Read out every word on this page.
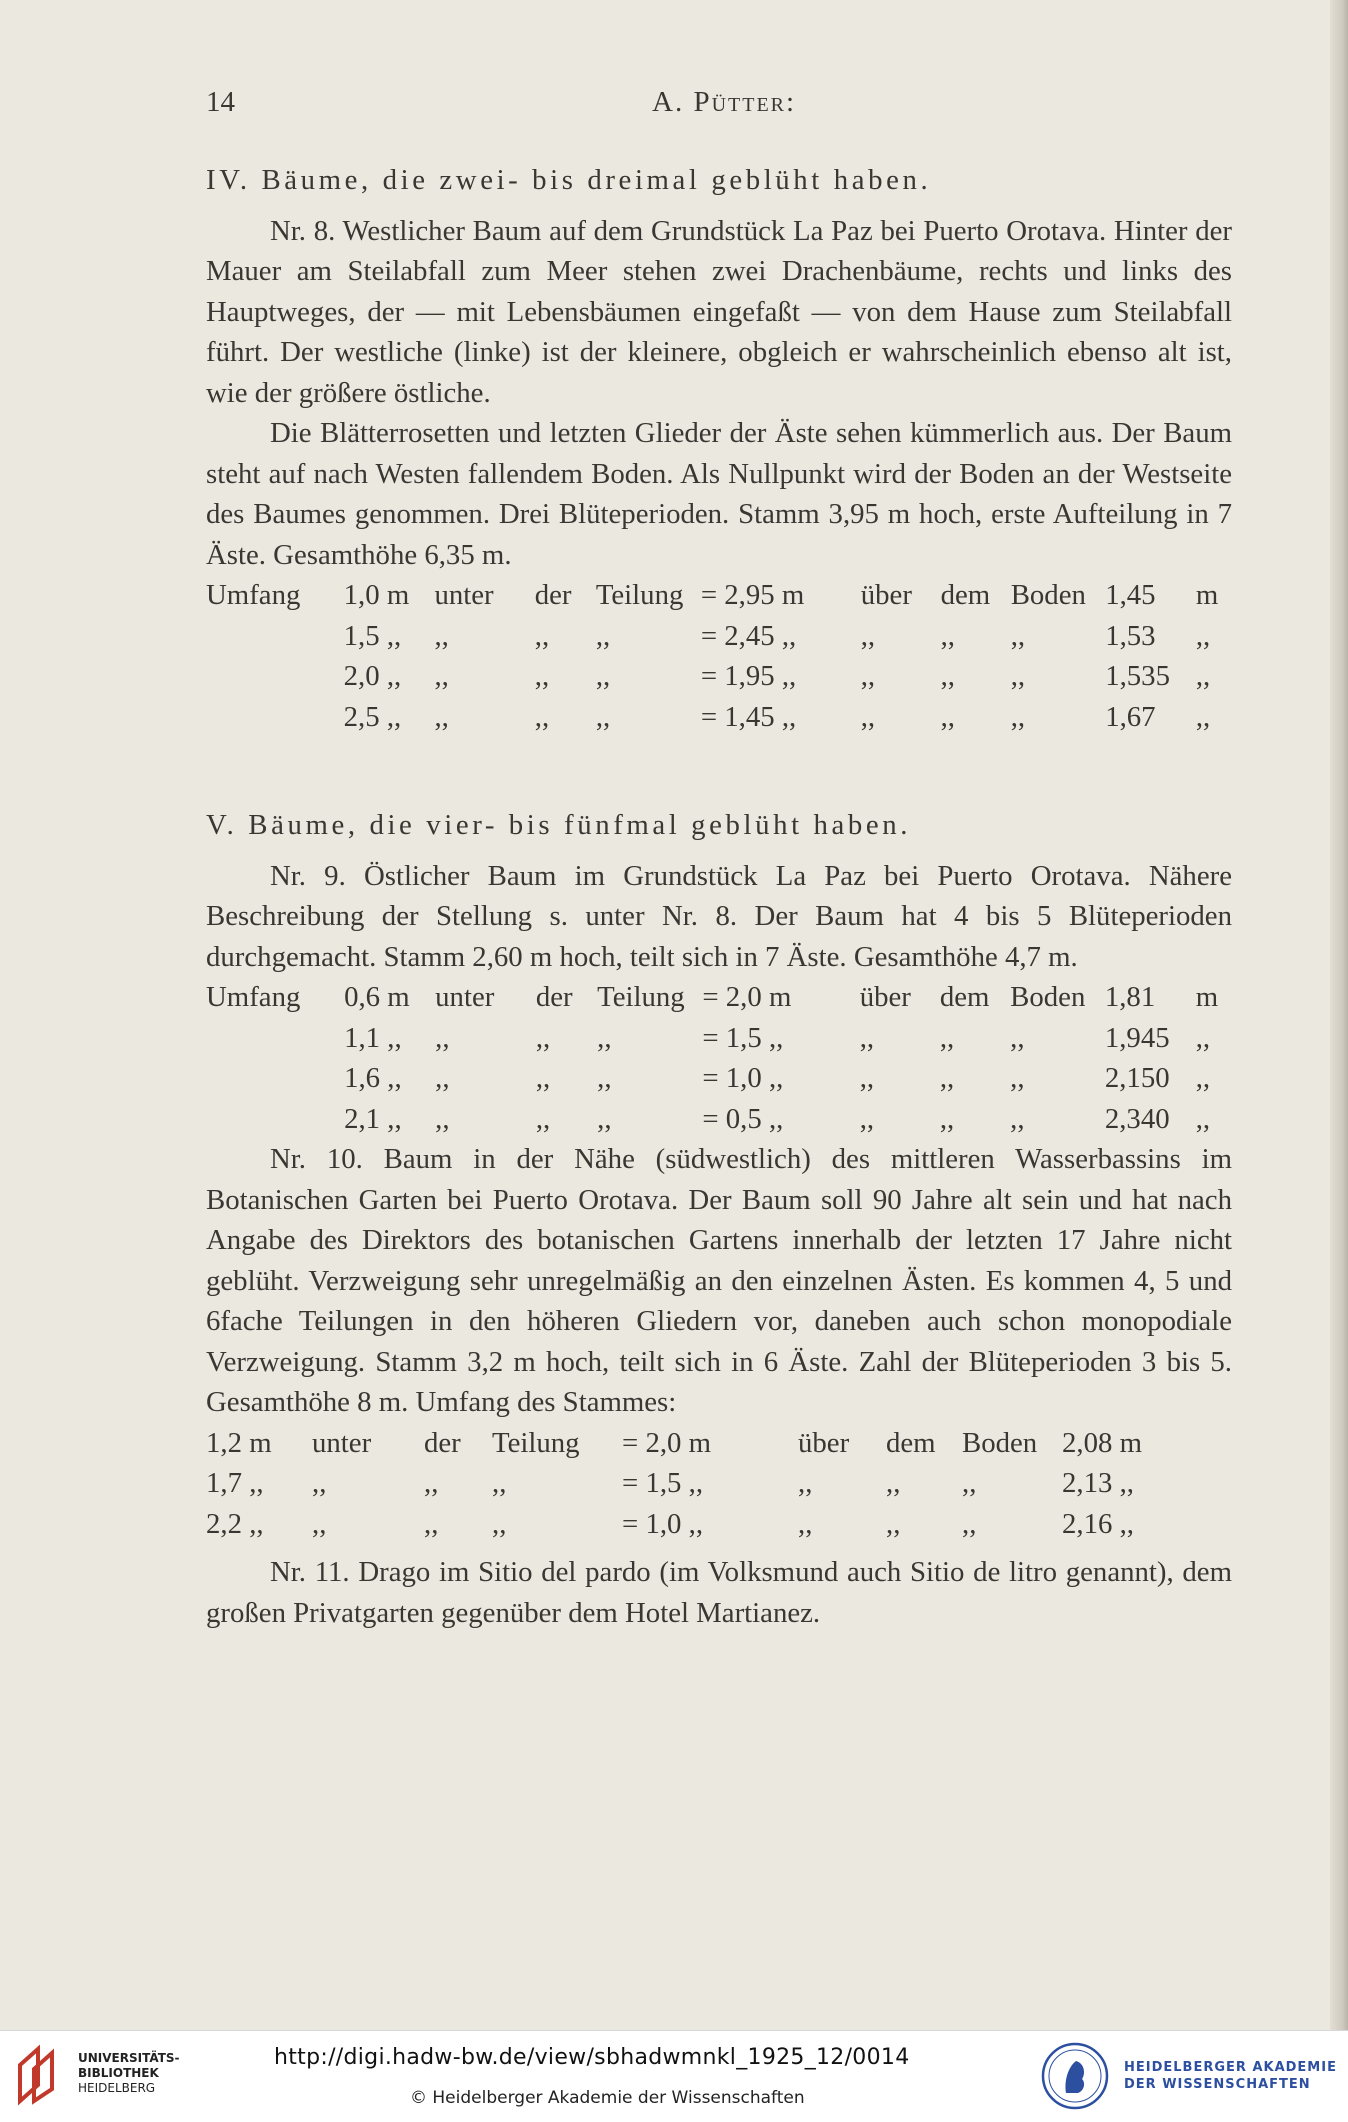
14	A. Pütter:

IV. Bäume, die zwei- bis dreimal geblüht haben.

Nr. 8. Westlicher Baum auf dem Grundstück La Paz bei Puerto Orotava. Hinter der Mauer am Steilabfall zum Meer stehen zwei Drachenbäume, rechts und links des Hauptweges, der — mit Lebensbäumen eingefaßt — von dem Hause zum Steilabfall führt. Der westliche (linke) ist der kleinere, obgleich er wahrscheinlich ebenso alt ist, wie der größere östliche.

Die Blätterrosetten und letzten Glieder der Äste sehen kümmerlich aus. Der Baum steht auf nach Westen fallendem Boden. Als Nullpunkt wird der Boden an der Westseite des Baumes genommen. Drei Blüteperioden. Stamm 3,95 m hoch, erste Aufteilung in 7 Äste. Gesamthöhe 6,35 m.

Umfang	1,0 m	unter	der	Teilung	= 2,95 m	über	dem	Boden	1,45	m
	1,5 ,,	,,	,,	,,	= 2,45 ,,	,,	,,	,,	1,53	,,
	2,0 ,,	,,	,,	,,	= 1,95 ,,	,,	,,	,,	1,535	,,
	2,5 ,,	,,	,,	,,	= 1,45 ,,	,,	,,	,,	1,67	,,

V. Bäume, die vier- bis fünfmal geblüht haben.

Nr. 9. Östlicher Baum im Grundstück La Paz bei Puerto Orotava. Nähere Beschreibung der Stellung s. unter Nr. 8. Der Baum hat 4 bis 5 Blüteperioden durchgemacht. Stamm 2,60 m hoch, teilt sich in 7 Äste. Gesamthöhe 4,7 m.

Umfang	0,6 m	unter	der	Teilung	= 2,0 m	über	dem	Boden	1,81	m
	1,1 ,,	,,	,,	,,	= 1,5 ,,	,,	,,	,,	1,945	,,
	1,6 ,,	,,	,,	,,	= 1,0 ,,	,,	,,	,,	2,150	,,
	2,1 ,,	,,	,,	,,	= 0,5 ,,	,,	,,	,,	2,340	,,

Nr. 10. Baum in der Nähe (südwestlich) des mittleren Wasserbassins im Botanischen Garten bei Puerto Orotava. Der Baum soll 90 Jahre alt sein und hat nach Angabe des Direktors des botanischen Gartens innerhalb der letzten 17 Jahre nicht geblüht. Verzweigung sehr unregelmäßig an den einzelnen Ästen. Es kommen 4, 5 und 6fache Teilungen in den höheren Gliedern vor, daneben auch schon monopodiale Verzweigung. Stamm 3,2 m hoch, teilt sich in 6 Äste. Zahl der Blüteperioden 3 bis 5. Gesamthöhe 8 m. Umfang des Stammes:

1,2 m	unter	der	Teilung	= 2,0 m	über	dem	Boden	2,08 m
1,7 ,,	,,	,,	,,	= 1,5 ,,	,,	,,	,,	2,13 ,,
2,2 ,,	,,	,,	,,	= 1,0 ,,	,,	,,	,,	2,16 ,,

Nr. 11. Drago im Sitio del pardo (im Volksmund auch Sitio de litro genannt), dem großen Privatgarten gegenüber dem Hotel Martianez.

UNIVERSITÄTS-
BIBLIOTHEK
HEIDELBERG
http://digi.hadw-bw.de/view/sbhadwmnkl_1925_12/0014
© Heidelberger Akademie der Wissenschaften
HEIDELBERGER AKADEMIE
DER WISSENSCHAFTEN
